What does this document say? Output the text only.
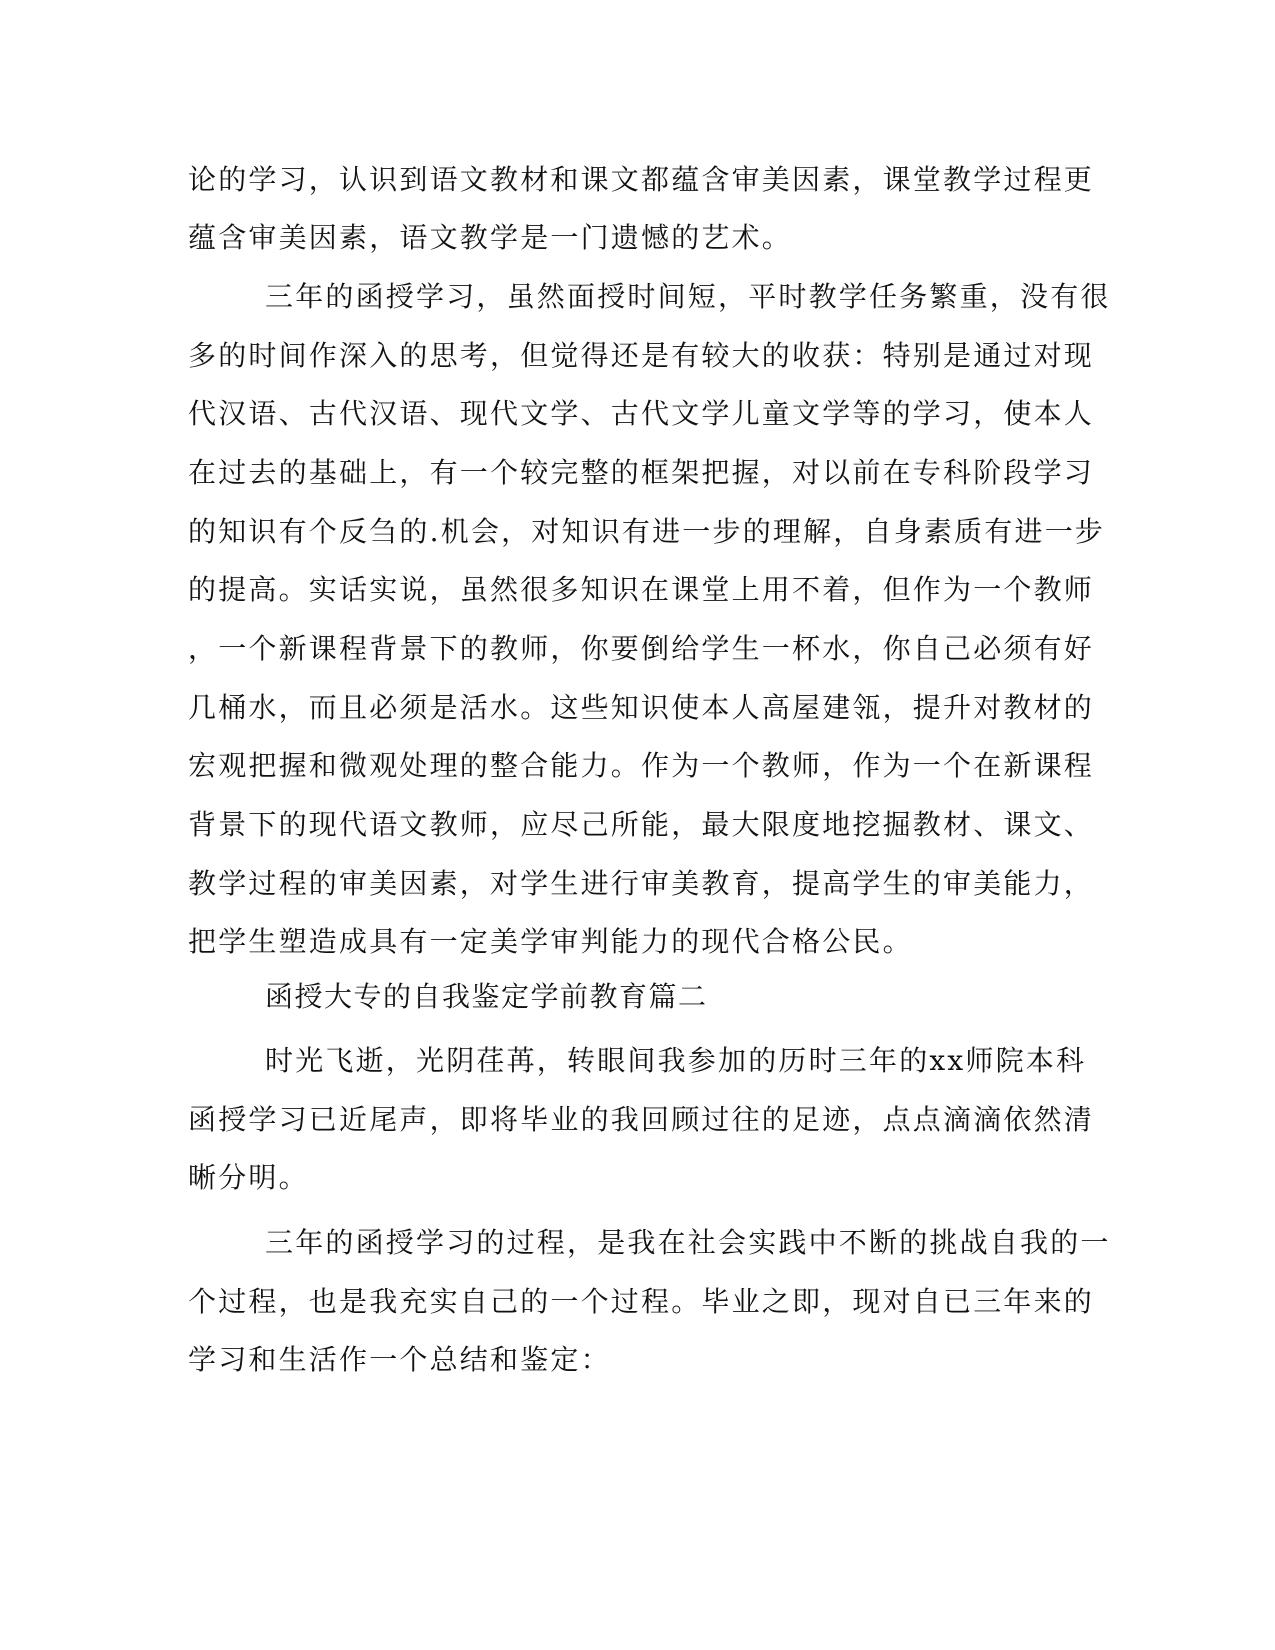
论的学习，认识到语文教材和课文都蕴含审美因素，课堂教学过程更
蕴含审美因素，语文教学是一门遗憾的艺术。
三年的函授学习，虽然面授时间短，平时教学任务繁重，没有很
多的时间作深入的思考，但觉得还是有较大的收获：特别是通过对现
代汉语、古代汉语、现代文学、古代文学儿童文学等的学习，使本人
在过去的基础上，有一个较完整的框架把握，对以前在专科阶段学习
的知识有个反刍的.机会，对知识有进一步的理解，自身素质有进一步
的提高。实话实说，虽然很多知识在课堂上用不着，但作为一个教师
，一个新课程背景下的教师，你要倒给学生一杯水，你自己必须有好
几桶水，而且必须是活水。这些知识使本人高屋建瓴，提升对教材的
宏观把握和微观处理的整合能力。作为一个教师，作为一个在新课程
背景下的现代语文教师，应尽己所能，最大限度地挖掘教材、课文、
教学过程的审美因素，对学生进行审美教育，提高学生的审美能力，
把学生塑造成具有一定美学审判能力的现代合格公民。
函授大专的自我鉴定学前教育篇二
时光飞逝，光阴荏苒，转眼间我参加的历时三年的xx师院本科
函授学习已近尾声，即将毕业的我回顾过往的足迹，点点滴滴依然清
晰分明。
三年的函授学习的过程，是我在社会实践中不断的挑战自我的一
个过程，也是我充实自己的一个过程。毕业之即，现对自已三年来的
学习和生活作一个总结和鉴定：
